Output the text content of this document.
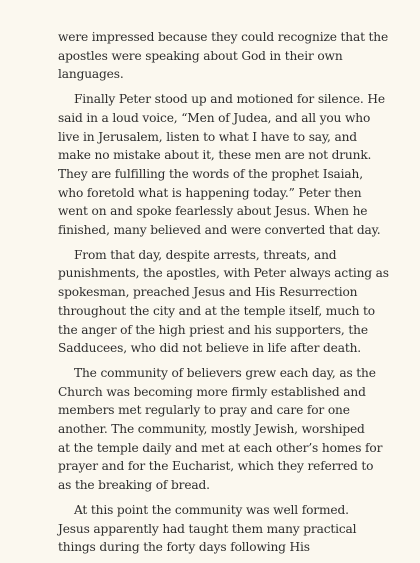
were impressed because they could recognize that the
apostles were speaking about God in their own
languages.
Finally Peter stood up and motioned for silence. He
said in a loud voice, “Men of Judea, and all you who
live in Jerusalem, listen to what I have to say, and
make no mistake about it, these men are not drunk.
They are fulfilling the words of the prophet Isaiah,
who foretold what is happening today.” Peter then
went on and spoke fearlessly about Jesus. When he
finished, many believed and were converted that day.
From that day, despite arrests, threats, and
punishments, the apostles, with Peter always acting as
spokesman, preached Jesus and His Resurrection
throughout the city and at the temple itself, much to
the anger of the high priest and his supporters, the
Sadducees, who did not believe in life after death.
The community of believers grew each day, as the
Church was becoming more firmly established and
members met regularly to pray and care for one
another. The community, mostly Jewish, worshiped
at the temple daily and met at each other’s homes for
prayer and for the Eucharist, which they referred to
as the breaking of bread.
At this point the community was well formed.
Jesus apparently had taught them many practical
things during the forty days following His
